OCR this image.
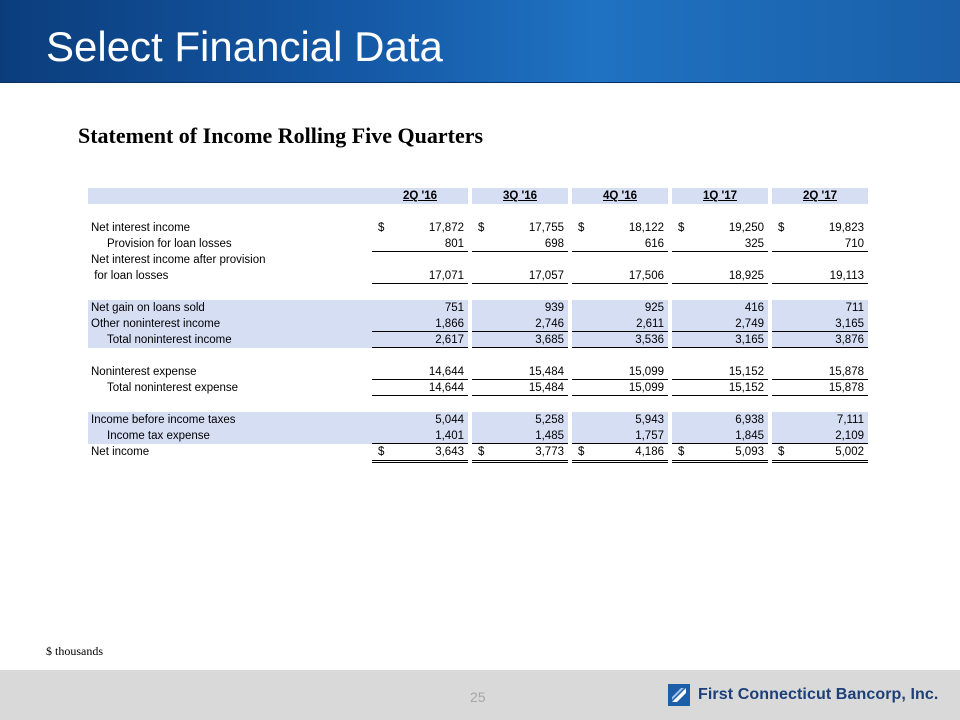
Select Financial Data
Statement of Income Rolling Five Quarters
2Q '16	3Q '16	4Q '16	1Q '17	2Q '17
Net interest income	$	17,872 $	17,755 $	18,122 $	19,250 $	19,823
Provision for loan losses	801	698	616	325	710
Net interest income after provision
for loan losses	17,071	17,057	17,506	18,925	19,113
Net gain on loans sold	751	939	925	416	711
Other noninterest income	1,866	2,746	2,611	2,749	3,165
Total noninterest income	2,617	3,685	3,536	3,165	3,876
Noninterest expense	14,644	15,484	15,099	15,152	15,878
Total noninterest expense	14,644	15,484	15,099	15,152	15,878
Income before income taxes	5,044	5,258	5,943	6,938	7,111
Income tax expense	1,401	1,485	1,757	1,845	2,109
Net income	$	3,643 $	3,773 $	4,186 $	5,093 $	5,002
$ thousands
25	First Connecticut Bancorp, Inc.
